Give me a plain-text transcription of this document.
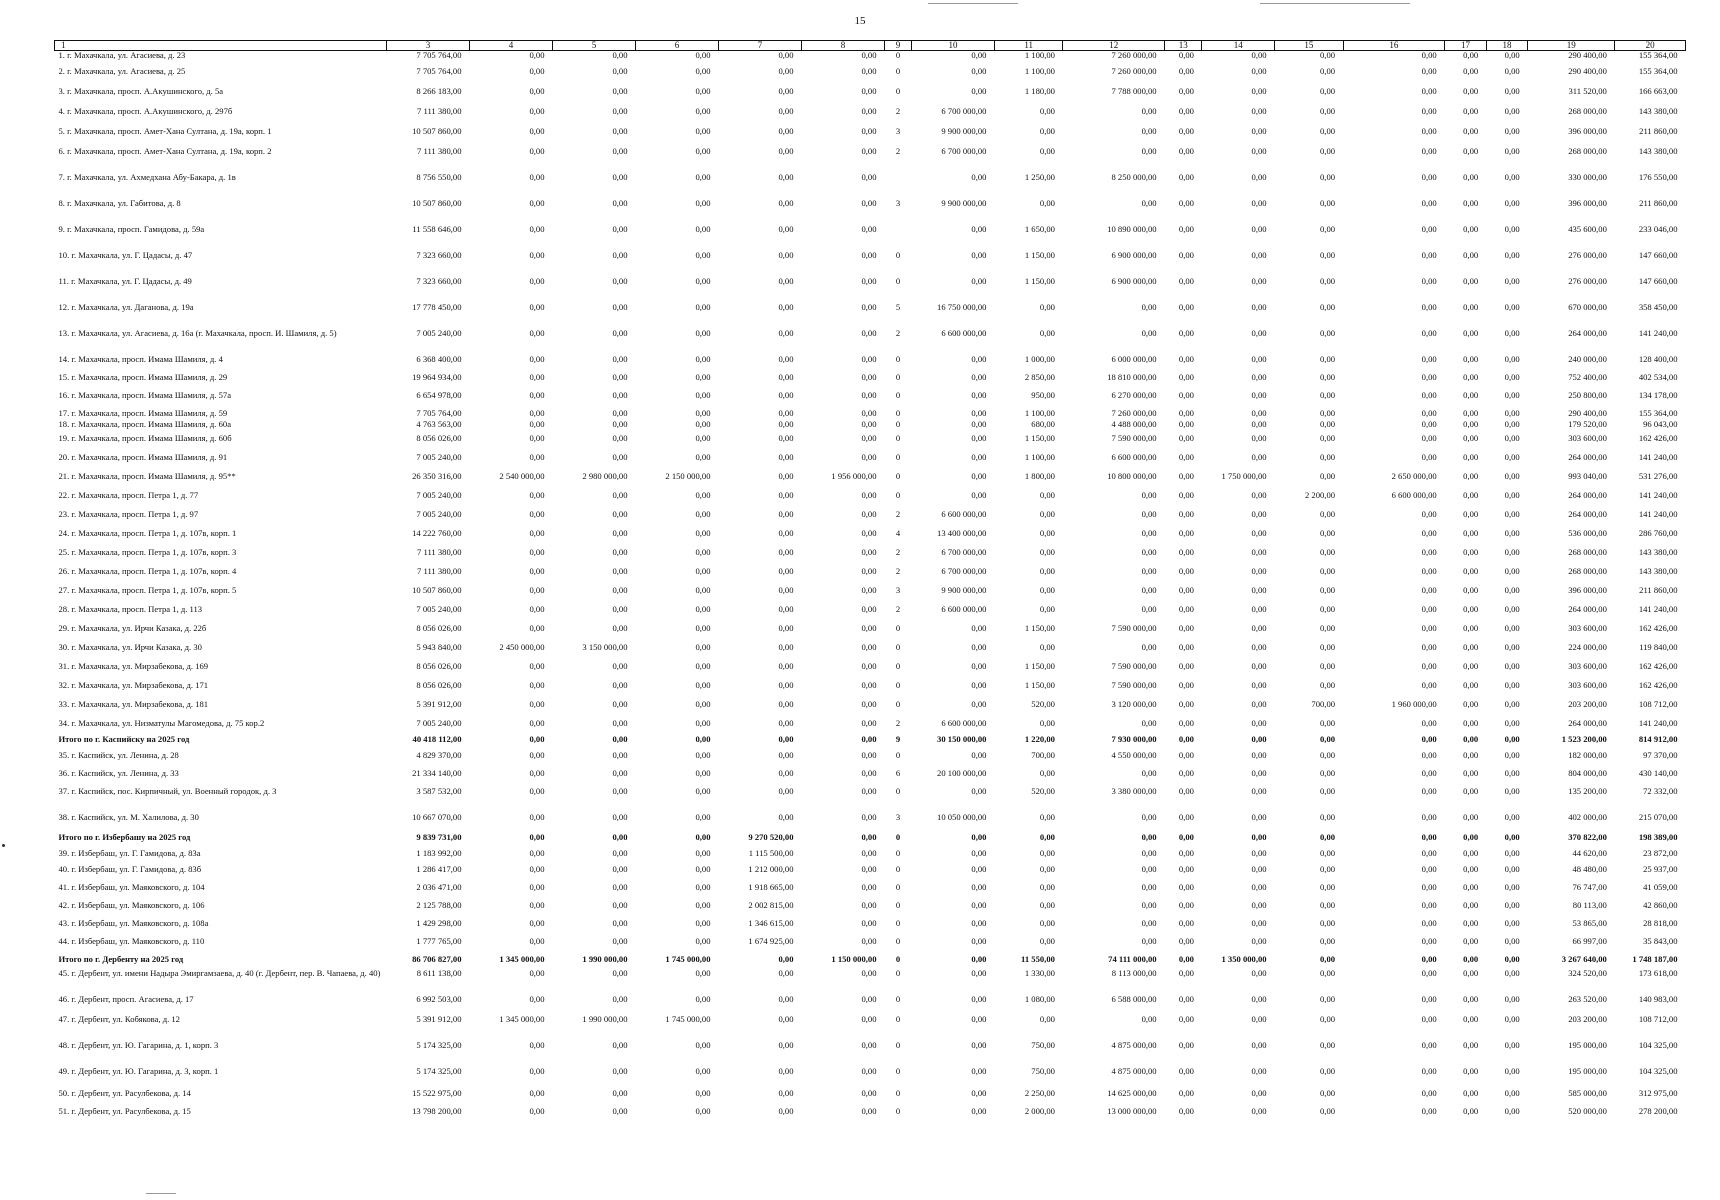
15
1		3	4	5	6	7	8	9	10	11	12	13	14	15	16	17	18	19	20
1. г. Махачкала, ул. Агасиева, д. 23	7 705 764,00	0,00	0,00	0,00	0,00	0,00	0	0,00	1 100,00	7 260 000,00	0,00	0,00	0,00	0,00	0,00	0,00	290 400,00	155 364,00
2. г. Махачкала, ул. Агасиева, д. 25	7 705 764,00	0,00	0,00	0,00	0,00	0,00	0	0,00	1 100,00	7 260 000,00	0,00	0,00	0,00	0,00	0,00	0,00	290 400,00	155 364,00
3. г. Махачкала, просп. А.Акушинского, д. 5а	8 266 183,00	0,00	0,00	0,00	0,00	0,00	0	0,00	1 180,00	7 788 000,00	0,00	0,00	0,00	0,00	0,00	0,00	311 520,00	166 663,00
4. г. Махачкала, просп. А.Акушинского, д. 297б	7 111 380,00	0,00	0,00	0,00	0,00	0,00	2	6 700 000,00	0,00	0,00	0,00	0,00	0,00	0,00	0,00	0,00	268 000,00	143 380,00
5. г. Махачкала, просп. Амет-Хана Султана, д. 19а, корп. 1	10 507 860,00	0,00	0,00	0,00	0,00	0,00	3	9 900 000,00	0,00	0,00	0,00	0,00	0,00	0,00	0,00	0,00	396 000,00	211 860,00
6. г. Махачкала, просп. Амет-Хана Султана, д. 19а, корп. 2	7 111 380,00	0,00	0,00	0,00	0,00	0,00	2	6 700 000,00	0,00	0,00	0,00	0,00	0,00	0,00	0,00	0,00	268 000,00	143 380,00
7. г. Махачкала, ул. Ахмедхана Абу-Бакара, д. 1в	8 756 550,00	0,00	0,00	0,00	0,00	0,00		0,00	1 250,00	8 250 000,00	0,00	0,00	0,00	0,00	0,00	0,00	330 000,00	176 550,00
8. г. Махачкала, ул. Габитова, д. 8	10 507 860,00	0,00	0,00	0,00	0,00	0,00	3	9 900 000,00	0,00	0,00	0,00	0,00	0,00	0,00	0,00	0,00	396 000,00	211 860,00
9. г. Махачкала, просп. Гамидова, д. 59а	11 558 646,00	0,00	0,00	0,00	0,00	0,00		0,00	1 650,00	10 890 000,00	0,00	0,00	0,00	0,00	0,00	0,00	435 600,00	233 046,00
10. г. Махачкала, ул. Г. Цадасы, д. 47	7 323 660,00	0,00	0,00	0,00	0,00	0,00	0	0,00	1 150,00	6 900 000,00	0,00	0,00	0,00	0,00	0,00	0,00	276 000,00	147 660,00
11. г. Махачкала, ул. Г. Цадасы, д. 49	7 323 660,00	0,00	0,00	0,00	0,00	0,00	0	0,00	1 150,00	6 900 000,00	0,00	0,00	0,00	0,00	0,00	0,00	276 000,00	147 660,00
12. г. Махачкала, ул. Даганова, д. 19а	17 778 450,00	0,00	0,00	0,00	0,00	0,00	5	16 750 000,00	0,00	0,00	0,00	0,00	0,00	0,00	0,00	0,00	670 000,00	358 450,00
13. г. Махачкала, ул. Агасиева, д. 16а (г. Махачкала, просп. И. Шамиля, д. 5)	7 005 240,00	0,00	0,00	0,00	0,00	0,00	2	6 600 000,00	0,00	0,00	0,00	0,00	0,00	0,00	0,00	0,00	264 000,00	141 240,00
14. г. Махачкала, просп. Имама Шамиля, д. 4	6 368 400,00	0,00	0,00	0,00	0,00	0,00	0	0,00	1 000,00	6 000 000,00	0,00	0,00	0,00	0,00	0,00	0,00	240 000,00	128 400,00
15. г. Махачкала, просп. Имама Шамиля, д. 29	19 964 934,00	0,00	0,00	0,00	0,00	0,00	0	0,00	2 850,00	18 810 000,00	0,00	0,00	0,00	0,00	0,00	0,00	752 400,00	402 534,00
16. г. Махачкала, просп. Имама Шамиля, д. 57а	6 654 978,00	0,00	0,00	0,00	0,00	0,00	0	0,00	950,00	6 270 000,00	0,00	0,00	0,00	0,00	0,00	0,00	250 800,00	134 178,00
17. г. Махачкала, просп. Имама Шамиля, д. 59	7 705 764,00	0,00	0,00	0,00	0,00	0,00	0	0,00	1 100,00	7 260 000,00	0,00	0,00	0,00	0,00	0,00	0,00	290 400,00	155 364,00
18. г. Махачкала, просп. Имама Шамиля, д. 60а	4 763 563,00	0,00	0,00	0,00	0,00	0,00	0	0,00	680,00	4 488 000,00	0,00	0,00	0,00	0,00	0,00	0,00	179 520,00	96 043,00
19. г. Махачкала, просп. Имама Шамиля, д. 60б	8 056 026,00	0,00	0,00	0,00	0,00	0,00	0	0,00	1 150,00	7 590 000,00	0,00	0,00	0,00	0,00	0,00	0,00	303 600,00	162 426,00
20. г. Махачкала, просп. Имама Шамиля, д. 91	7 005 240,00	0,00	0,00	0,00	0,00	0,00	0	0,00	1 100,00	6 600 000,00	0,00	0,00	0,00	0,00	0,00	0,00	264 000,00	141 240,00
21. г. Махачкала, просп. Имама Шамиля, д. 95**	26 350 316,00	2 540 000,00	2 980 000,00	2 150 000,00	0,00	1 956 000,00	0	0,00	1 800,00	10 800 000,00	0,00	1 750 000,00	0,00	2 650 000,00	0,00	0,00	993 040,00	531 276,00
22. г. Махачкала, просп. Петра 1, д. 77	7 005 240,00	0,00	0,00	0,00	0,00	0,00	0	0,00	0,00	0,00	0,00	0,00	2 200,00	6 600 000,00	0,00	0,00	264 000,00	141 240,00
23. г. Махачкала, просп. Петра 1, д. 97	7 005 240,00	0,00	0,00	0,00	0,00	0,00	2	6 600 000,00	0,00	0,00	0,00	0,00	0,00	0,00	0,00	0,00	264 000,00	141 240,00
24. г. Махачкала, просп. Петра 1, д. 107в, корп. 1	14 222 760,00	0,00	0,00	0,00	0,00	0,00	4	13 400 000,00	0,00	0,00	0,00	0,00	0,00	0,00	0,00	0,00	536 000,00	286 760,00
25. г. Махачкала, просп. Петра 1, д. 107в, корп. 3	7 111 380,00	0,00	0,00	0,00	0,00	0,00	2	6 700 000,00	0,00	0,00	0,00	0,00	0,00	0,00	0,00	0,00	268 000,00	143 380,00
26. г. Махачкала, просп. Петра 1, д. 107в, корп. 4	7 111 380,00	0,00	0,00	0,00	0,00	0,00	2	6 700 000,00	0,00	0,00	0,00	0,00	0,00	0,00	0,00	0,00	268 000,00	143 380,00
27. г. Махачкала, просп. Петра 1, д. 107в, корп. 5	10 507 860,00	0,00	0,00	0,00	0,00	0,00	3	9 900 000,00	0,00	0,00	0,00	0,00	0,00	0,00	0,00	0,00	396 000,00	211 860,00
28. г. Махачкала, просп. Петра 1, д. 113	7 005 240,00	0,00	0,00	0,00	0,00	0,00	2	6 600 000,00	0,00	0,00	0,00	0,00	0,00	0,00	0,00	0,00	264 000,00	141 240,00
29. г. Махачкала, ул. Ирчи Казака, д. 22б	8 056 026,00	0,00	0,00	0,00	0,00	0,00	0	0,00	1 150,00	7 590 000,00	0,00	0,00	0,00	0,00	0,00	0,00	303 600,00	162 426,00
30. г. Махачкала, ул. Ирчи Казака, д. 30	5 943 840,00	2 450 000,00	3 150 000,00	0,00	0,00	0,00	0	0,00	0,00	0,00	0,00	0,00	0,00	0,00	0,00	0,00	224 000,00	119 840,00
31. г. Махачкала, ул. Мирзабекова, д. 169	8 056 026,00	0,00	0,00	0,00	0,00	0,00	0	0,00	1 150,00	7 590 000,00	0,00	0,00	0,00	0,00	0,00	0,00	303 600,00	162 426,00
32. г. Махачкала, ул. Мирзабекова, д. 171	8 056 026,00	0,00	0,00	0,00	0,00	0,00	0	0,00	1 150,00	7 590 000,00	0,00	0,00	0,00	0,00	0,00	0,00	303 600,00	162 426,00
33. г. Махачкала, ул. Мирзабекова, д. 181	5 391 912,00	0,00	0,00	0,00	0,00	0,00	0	0,00	520,00	3 120 000,00	0,00	0,00	700,00	1 960 000,00	0,00	0,00	203 200,00	108 712,00
34. г. Махачкала, ул. Низматулы Магомедова, д. 75 кор.2	7 005 240,00	0,00	0,00	0,00	0,00	0,00	2	6 600 000,00	0,00	0,00	0,00	0,00	0,00	0,00	0,00	0,00	264 000,00	141 240,00
Итого по г. Каспийску на 2025 год	40 418 112,00	0,00	0,00	0,00	0,00	0,00	9	30 150 000,00	1 220,00	7 930 000,00	0,00	0,00	0,00	0,00	0,00	0,00	1 523 200,00	814 912,00
35. г. Каспийск, ул. Ленина, д. 28	4 829 370,00	0,00	0,00	0,00	0,00	0,00	0	0,00	700,00	4 550 000,00	0,00	0,00	0,00	0,00	0,00	0,00	182 000,00	97 370,00
36. г. Каспийск, ул. Ленина, д. 33	21 334 140,00	0,00	0,00	0,00	0,00	0,00	6	20 100 000,00	0,00	0,00	0,00	0,00	0,00	0,00	0,00	0,00	804 000,00	430 140,00
37. г. Каспийск, пос. Кирпичный, ул. Военный городок, д. 3	3 587 532,00	0,00	0,00	0,00	0,00	0,00	0	0,00	520,00	3 380 000,00	0,00	0,00	0,00	0,00	0,00	0,00	135 200,00	72 332,00
38. г. Каспийск, ул. М. Халилова, д. 30	10 667 070,00	0,00	0,00	0,00	0,00	0,00	3	10 050 000,00	0,00	0,00	0,00	0,00	0,00	0,00	0,00	0,00	402 000,00	215 070,00
Итого по г. Избербашу на 2025 год	9 839 731,00	0,00	0,00	0,00	9 270 520,00	0,00	0	0,00	0,00	0,00	0,00	0,00	0,00	0,00	0,00	0,00	370 822,00	198 389,00
39. г. Избербаш, ул. Г. Гамидова, д. 83а	1 183 992,00	0,00	0,00	0,00	1 115 500,00	0,00	0	0,00	0,00	0,00	0,00	0,00	0,00	0,00	0,00	0,00	44 620,00	23 872,00
40. г. Избербаш, ул. Г. Гамидова, д. 83б	1 286 417,00	0,00	0,00	0,00	1 212 000,00	0,00	0	0,00	0,00	0,00	0,00	0,00	0,00	0,00	0,00	0,00	48 480,00	25 937,00
41. г. Избербаш, ул. Маяковского, д. 104	2 036 471,00	0,00	0,00	0,00	1 918 665,00	0,00	0	0,00	0,00	0,00	0,00	0,00	0,00	0,00	0,00	0,00	76 747,00	41 059,00
42. г. Избербаш, ул. Маяковского, д. 106	2 125 788,00	0,00	0,00	0,00	2 002 815,00	0,00	0	0,00	0,00	0,00	0,00	0,00	0,00	0,00	0,00	0,00	80 113,00	42 860,00
43. г. Избербаш, ул. Маяковского, д. 108а	1 429 298,00	0,00	0,00	0,00	1 346 615,00	0,00	0	0,00	0,00	0,00	0,00	0,00	0,00	0,00	0,00	0,00	53 865,00	28 818,00
44. г. Избербаш, ул. Маяковского, д. 110	1 777 765,00	0,00	0,00	0,00	1 674 925,00	0,00	0	0,00	0,00	0,00	0,00	0,00	0,00	0,00	0,00	0,00	66 997,00	35 843,00
Итого по г. Дербенту на 2025 год	86 706 827,00	1 345 000,00	1 990 000,00	1 745 000,00	0,00	1 150 000,00	0	0,00	11 550,00	74 111 000,00	0,00	1 350 000,00	0,00	0,00	0,00	0,00	3 267 640,00	1 748 187,00
45. г. Дербент, ул. имени Надыра Эмиргамзаева, д. 40 (г. Дербент, пер. В. Чапаева, д. 40)	8 611 138,00	0,00	0,00	0,00	0,00	0,00	0	0,00	1 330,00	8 113 000,00	0,00	0,00	0,00	0,00	0,00	0,00	324 520,00	173 618,00
46. г. Дербент, просп. Агасиева, д. 17	6 992 503,00	0,00	0,00	0,00	0,00	0,00	0	0,00	1 080,00	6 588 000,00	0,00	0,00	0,00	0,00	0,00	0,00	263 520,00	140 983,00
47. г. Дербент, ул. Кобякова, д. 12	5 391 912,00	1 345 000,00	1 990 000,00	1 745 000,00	0,00	0,00	0	0,00	0,00	0,00	0,00	0,00	0,00	0,00	0,00	0,00	203 200,00	108 712,00
48. г. Дербент, ул. Ю. Гагарина, д. 1, корп. 3	5 174 325,00	0,00	0,00	0,00	0,00	0,00	0	0,00	750,00	4 875 000,00	0,00	0,00	0,00	0,00	0,00	0,00	195 000,00	104 325,00
49. г. Дербент, ул. Ю. Гагарина, д. 3, корп. 1	5 174 325,00	0,00	0,00	0,00	0,00	0,00	0	0,00	750,00	4 875 000,00	0,00	0,00	0,00	0,00	0,00	0,00	195 000,00	104 325,00
50. г. Дербент, ул. Расулбекова, д. 14	15 522 975,00	0,00	0,00	0,00	0,00	0,00	0	0,00	2 250,00	14 625 000,00	0,00	0,00	0,00	0,00	0,00	0,00	585 000,00	312 975,00
51. г. Дербент, ул. Расулбекова, д. 15	13 798 200,00	0,00	0,00	0,00	0,00	0,00	0	0,00	2 000,00	13 000 000,00	0,00	0,00	0,00	0,00	0,00	0,00	520 000,00	278 200,00
